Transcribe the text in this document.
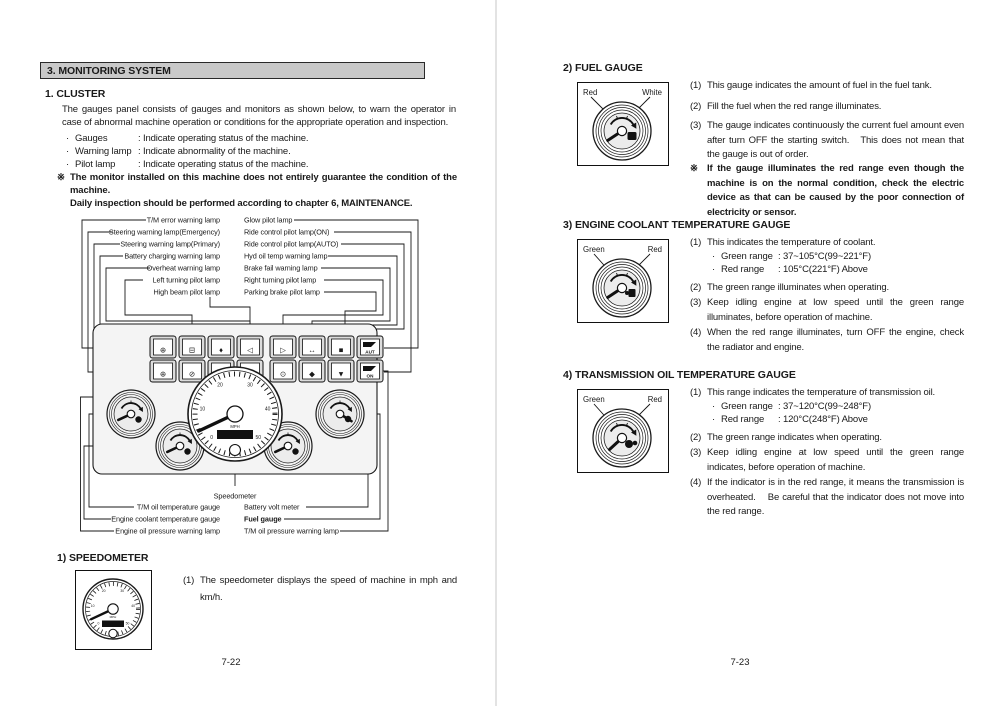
3. MONITORING SYSTEM
1. CLUSTER
The gauges panel consists of gauges and monitors as shown below, to warn the operator in case of abnormal machine operation or conditions for the appropriate operation and inspection.
· Gauges	: Indicate operating status of the machine.
· Warning lamp : Indicate abnormality of the machine.
· Pilot lamp	: Indicate operating status of the machine.
※ The monitor installed on this machine does not entirely guarantee the condition of the machine.
Daily inspection should be performed according to chapter 6, MAINTENANCE.
T/M error warning lamp
Steering warning lamp(Emergency)
Steering warning lamp(Primary)
Battery charging warning lamp
Overheat warning lamp
Left turning pilot lamp
High beam pilot lamp
Glow pilot lamp
Ride control pilot lamp(ON)
Ride control pilot lamp(AUTO)
Hyd oil temp warning lamp
Brake fail warning lamp
Right turning pilot lamp
Parking brake pilot lamp
⊕
⊕
⊟
⊘
♦	◁	▷
⊙
↔
◆
■
▼
AUT
ON
0
10
20	30
40
50
MPH
Speedometer
T/M oil temperature gauge
Engine coolant temperature gauge
Engine oil pressure warning lamp
Battery volt meter
Fuel gauge
T/M oil pressure warning lamp
1) SPEEDOMETER
0
10
20	30
40
50
MPH
(1) The speedometer displays the speed of machine in mph and km/h.
7-22
2) FUEL GAUGE
Red	White
(1) This gauge indicates the amount of fuel in the fuel tank.
(2) Fill the fuel when the red range illuminates.
(3) The gauge indicates continuously the current fuel amount even after turn OFF the starting switch.   This does not mean that the gauge is out of order.
※ If the gauge illuminates the red range even though the machine is on the normal condition, check the electric device as that can be caused by the poor connection of electricity or sensor.
3) ENGINE COOLANT TEMPERATURE GAUGE
Green	Red
(1) This indicates the temperature of coolant.
· Green range : 37~105°C(99~221°F)
· Red range	: 105°C(221°F) Above
(2) The green range illuminates when operating.
(3) Keep idling engine at low speed until the green range illuminates, before operation of machine.
(4) When the red range illuminates, turn OFF the engine, check the radiator and engine.
4) TRANSMISSION OIL TEMPERATURE GAUGE
Green	Red
(1) This range indicates the temperature of transmission oil.
· Green range : 37~120°C(99~248°F)
· Red range	: 120°C(248°F) Above
(2) The green range indicates when operating.
(3) Keep idling engine at low speed until the green range indicates, before operation of machine.
(4) If the indicator is in the red range, it means the transmission is overheated.    Be careful that the indicator does not move into the red range.
7-23
